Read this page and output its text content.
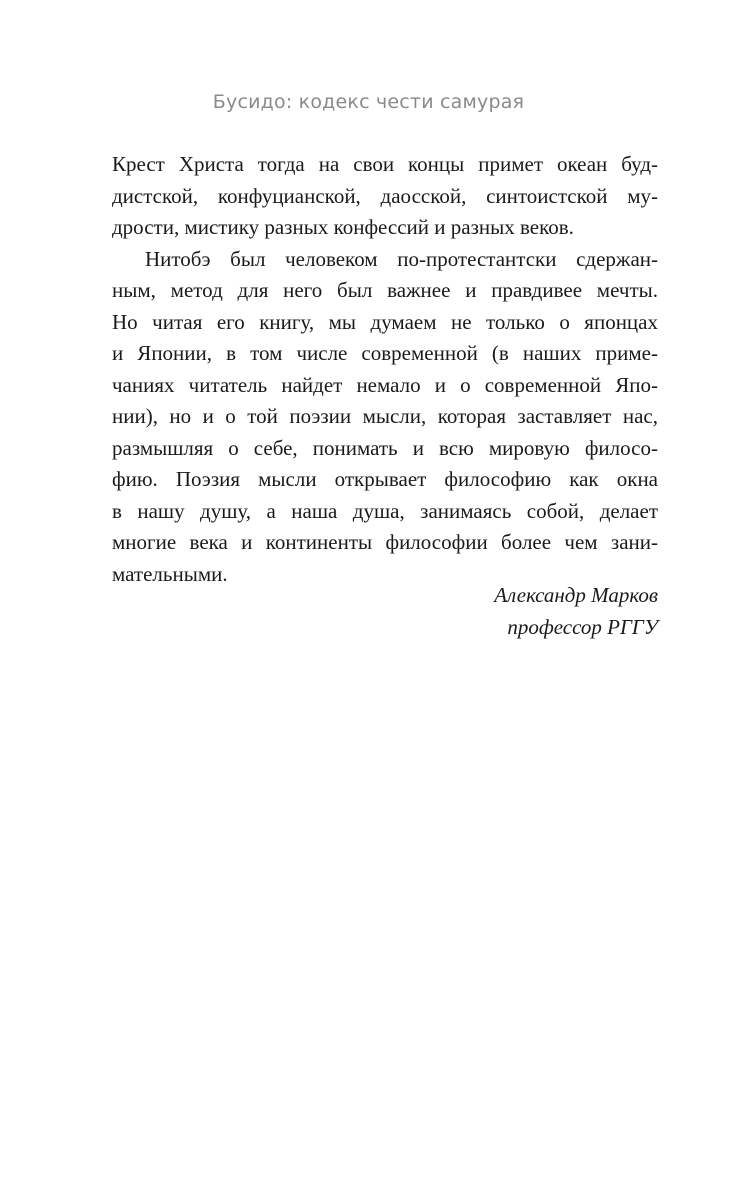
Бусидо: кодекс чести самурая
Крест Христа тогда на свои концы примет океан буд-
дистской, конфуцианской, даосской, синтоистской му-
дрости, мистику разных конфессий и разных веков.
Нитобэ был человеком по-протестантски сдержан-
ным, метод для него был важнее и правдивее мечты.
Но читая его книгу, мы думаем не только о японцах
и Японии, в том числе современной (в наших приме-
чаниях читатель найдет немало и о современной Япо-
нии), но и о той поэзии мысли, которая заставляет нас,
размышляя о себе, понимать и всю мировую филосо-
фию. Поэзия мысли открывает философию как окна
в нашу душу, а наша душа, занимаясь собой, делает
многие века и континенты философии более чем зани-
мательными.
Александр Марков
профессор РГГУ
